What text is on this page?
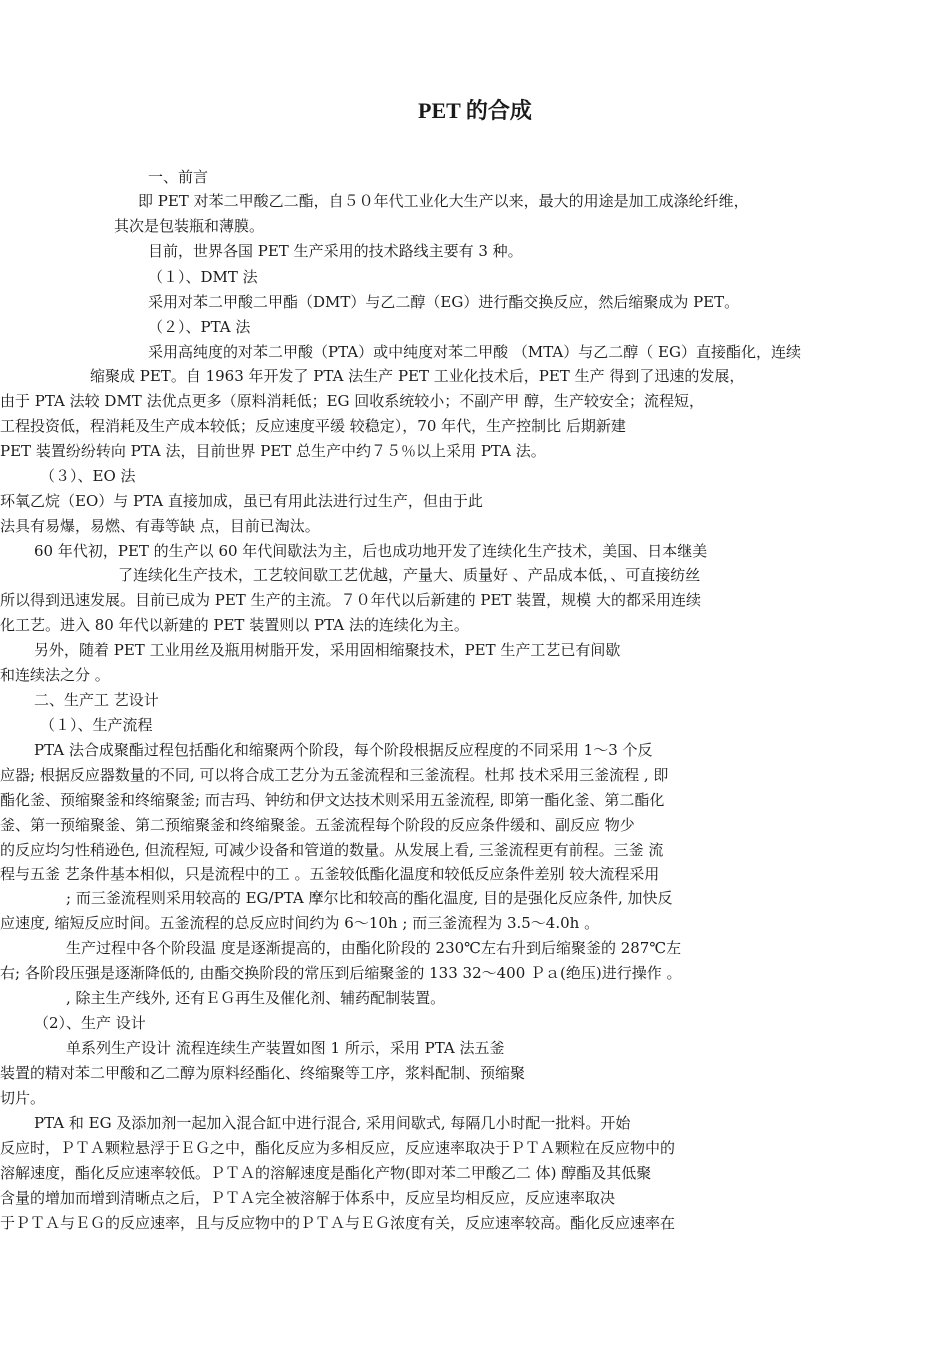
PET 的合成
一、前言
即 PET 对苯二甲酸乙二酯，自５０年代工业化大生产以来，最大的用途是加工成涤纶纤维，
其次是包装瓶和薄膜。
目前，世界各国 PET 生产采用的技术路线主要有 3 种。
（１）、DMT 法
采用对苯二甲酸二甲酯（DMT）与乙二醇（EG）进行酯交换反应，然后缩聚成为 PET。
（２）、PTA 法
采用高纯度的对苯二甲酸（PTA）或中纯度对苯二甲酸 （MTA）与乙二醇（ EG）直接酯化，连续
缩聚成 PET。自 1963 年开发了 PTA 法生产 PET 工业化技术后，PET 生产 得到了迅速的发展，
由于 PTA 法较 DMT 法优点更多（原料消耗低；EG 回收系统较小；不副产甲 醇，生产较安全；流程短，
工程投资低，程消耗及生产成本较低；反应速度平缓 较稳定），70 年代，生产控制比 后期新建
PET 装置纷纷转向 PTA 法，目前世界 PET 总生产中约７５％以上采用 PTA 法。
（３）、EO 法
环氧乙烷（EO）与 PTA 直接加成，虽已有用此法进行过生产，但由于此
法具有易爆，易燃、有毒等缺 点，目前已淘汰。
60 年代初，PET 的生产以 60 年代间歇法为主，后也成功地开发了连续化生产技术，美国、日本继美
了连续化生产技术，工艺较间歇工艺优越，产量大、质量好 、产品成本低，、可直接纺丝
所以得到迅速发展。目前已成为 PET 生产的主流。７０年代以后新建的 PET 装置，规模 大的都采用连续
化工艺。进入 80 年代以新建的 PET 装置则以 PTA 法的连续化为主。
另外，随着 PET 工业用丝及瓶用树脂开发，采用固相缩聚技术，PET 生产工艺已有间歇
和连续法之分 。
二、生产工 艺设计
（１）、生产流程
PTA 法合成聚酯过程包括酯化和缩聚两个阶段，每个阶段根据反应程度的不同采用 1～3 个反
应器; 根据反应器数量的不同, 可以将合成工艺分为五釜流程和三釜流程。杜邦 技术采用三釜流程 , 即
酯化釜、预缩聚釜和终缩聚釜; 而吉玛、钟纺和伊文达技术则采用五釜流程, 即第一酯化釜、第二酯化
釜、第一预缩聚釜、第二预缩聚釜和终缩聚釜。五釜流程每个阶段的反应条件缓和、副反应 物少
的反应均匀性稍逊色, 但流程短, 可减少设备和管道的数量。从发展上看, 三釜流程更有前程。三釜 流
程与五釜 艺条件基本相似，只是流程中的工 。五釜较低酯化温度和较低反应条件差别 较大流程采用
; 而三釜流程则采用较高的 EG/PTA 摩尔比和较高的酯化温度, 目的是强化反应条件, 加快反
应速度, 缩短反应时间。五釜流程的总反应时间约为 6～10h ; 而三釜流程为 3.5～4.0h 。
生产过程中各个阶段温 度是逐渐提高的，由酯化阶段的 230℃左右升到后缩聚釜的 287℃左
右; 各阶段压强是逐渐降低的, 由酯交换阶段的常压到后缩聚釜的 133 32～400 Ｐａ(绝压)进行操作 。
, 除主生产线外, 还有ＥＧ再生及催化剂、辅药配制装置。
（2）、生产 设计
单系列生产设计 流程连续生产装置如图 1 所示，采用 PTA 法五釜
装置的精对苯二甲酸和乙二醇为原料经酯化、终缩聚等工序，浆料配制、预缩聚
切片。
PTA 和 EG 及添加剂一起加入混合缸中进行混合, 采用间歇式, 每隔几小时配一批料。开始
反应时，ＰＴＡ颗粒悬浮于ＥＧ之中，酯化反应为多相反应，反应速率取决于ＰＴＡ颗粒在反应物中的
溶解速度，酯化反应速率较低。ＰＴＡ的溶解速度是酯化产物(即对苯二甲酸乙二 体) 醇酯及其低聚
含量的增加而增到清晰点之后，ＰＴＡ完全被溶解于体系中，反应呈均相反应，反应速率取决
于ＰＴＡ与ＥＧ的反应速率，且与反应物中的ＰＴＡ与ＥＧ浓度有关，反应速率较高。酯化反应速率在
